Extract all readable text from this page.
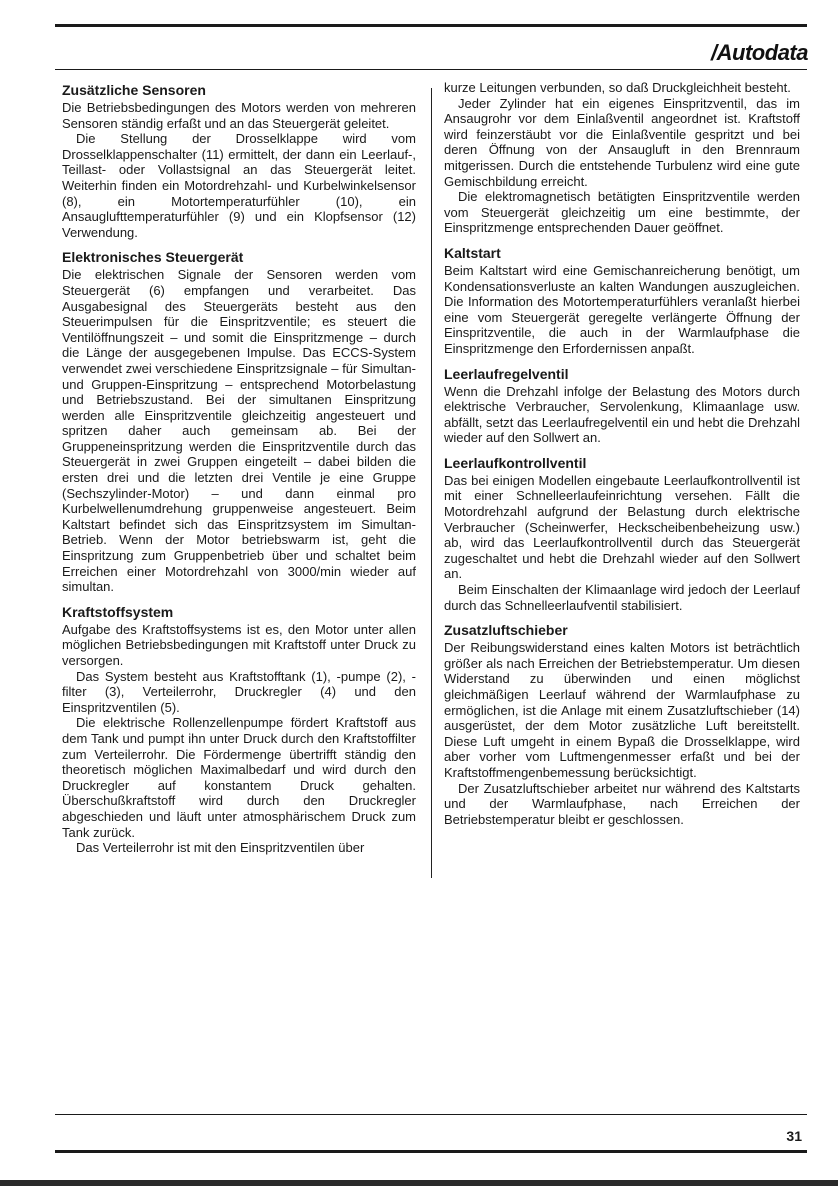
/Autodata
Zusätzliche Sensoren

Die Betriebsbedingungen des Motors werden von mehreren Sensoren ständig erfaßt und an das Steuergerät geleitet.

Die Stellung der Drosselklappe wird vom Drosselklappenschalter (11) ermittelt, der dann ein Leerlauf-, Teillast- oder Vollastsignal an das Steuergerät leitet. Weiterhin finden ein Motordrehzahl- und Kurbelwinkelsensor (8), ein Motortemperaturfühler (10), ein Ansauglufttemperaturfühler (9) und ein Klopfsensor (12) Verwendung.

Elektronisches Steuergerät

Die elektrischen Signale der Sensoren werden vom Steuergerät (6) empfangen und verarbeitet. Das Ausgabesignal des Steuergeräts besteht aus den Steuerimpulsen für die Einspritzventile; es steuert die Ventilöffnungszeit – und somit die Einspritzmenge – durch die Länge der ausgegebenen Impulse. Das ECCS-System verwendet zwei verschiedene Einspritzsignale – für Simultan- und Gruppen-Einspritzung – entsprechend Motorbelastung und Betriebszustand. Bei der simultanen Einspritzung werden alle Einspritzventile gleichzeitig angesteuert und spritzen daher auch gemeinsam ab. Bei der Gruppeneinspritzung werden die Einspritzventile durch das Steuergerät in zwei Gruppen eingeteilt – dabei bilden die ersten drei und die letzten drei Ventile je eine Gruppe (Sechszylinder-Motor) – und dann einmal pro Kurbelwellenumdrehung gruppenweise angesteuert. Beim Kaltstart befindet sich das Einspritzsystem im Simultan-Betrieb. Wenn der Motor betriebswarm ist, geht die Einspritzung zum Gruppenbetrieb über und schaltet beim Erreichen einer Motordrehzahl von 3000/min wieder auf simultan.

Kraftstoffsystem

Aufgabe des Kraftstoffsystems ist es, den Motor unter allen möglichen Betriebsbedingungen mit Kraftstoff unter Druck zu versorgen.

Das System besteht aus Kraftstofftank (1), -pumpe (2), -filter (3), Verteilerrohr, Druckregler (4) und den Einspritzventilen (5).

Die elektrische Rollenzellenpumpe fördert Kraftstoff aus dem Tank und pumpt ihn unter Druck durch den Kraftstoffilter zum Verteilerrohr. Die Fördermenge übertrifft ständig den theoretisch möglichen Maximalbedarf und wird durch den Druckregler auf konstantem Druck gehalten. Überschußkraftstoff wird durch den Druckregler abgeschieden und läuft unter atmosphärischem Druck zum Tank zurück.

Das Verteilerrohr ist mit den Einspritzventilen über

kurze Leitungen verbunden, so daß Druckgleichheit besteht.

Jeder Zylinder hat ein eigenes Einspritzventil, das im Ansaugrohr vor dem Einlaßventil angeordnet ist. Kraftstoff wird feinzerstäubt vor die Einlaßventile gespritzt und bei deren Öffnung von der Ansaugluft in den Brennraum mitgerissen. Durch die entstehende Turbulenz wird eine gute Gemischbildung erreicht.

Die elektromagnetisch betätigten Einspritzventile werden vom Steuergerät gleichzeitig um eine bestimmte, der Einspritzmenge entsprechenden Dauer geöffnet.

Kaltstart

Beim Kaltstart wird eine Gemischanreicherung benötigt, um Kondensationsverluste an kalten Wandungen auszugleichen. Die Information des Motortemperaturfühlers veranlaßt hierbei eine vom Steuergerät geregelte verlängerte Öffnung der Einspritzventile, die auch in der Warmlaufphase die Einspritzmenge den Erfordernissen anpaßt.

Leerlaufregelventil

Wenn die Drehzahl infolge der Belastung des Motors durch elektrische Verbraucher, Servolenkung, Klimaanlage usw. abfällt, setzt das Leerlaufregelventil ein und hebt die Drehzahl wieder auf den Sollwert an.

Leerlaufkontrollventil

Das bei einigen Modellen eingebaute Leerlaufkontrollventil ist mit einer Schnelleerlaufeinrichtung versehen. Fällt die Motordrehzahl aufgrund der Belastung durch elektrische Verbraucher (Scheinwerfer, Heckscheibenbeheizung usw.) ab, wird das Leerlaufkontrollventil durch das Steuergerät zugeschaltet und hebt die Drehzahl wieder auf den Sollwert an.

Beim Einschalten der Klimaanlage wird jedoch der Leerlauf durch das Schnelleerlaufventil stabilisiert.

Zusatzluftschieber

Der Reibungswiderstand eines kalten Motors ist beträchtlich größer als nach Erreichen der Betriebstemperatur. Um diesen Widerstand zu überwinden und einen möglichst gleichmäßigen Leerlauf während der Warmlaufphase zu ermöglichen, ist die Anlage mit einem Zusatzluftschieber (14) ausgerüstet, der dem Motor zusätzliche Luft bereitstellt. Diese Luft umgeht in einem Bypaß die Drosselklappe, wird aber vorher vom Luftmengenmesser erfaßt und bei der Kraftstoffmengenbemessung berücksichtigt.

Der Zusatzluftschieber arbeitet nur während des Kaltstarts und der Warmlaufphase, nach Erreichen der Betriebstemperatur bleibt er geschlossen.

31
